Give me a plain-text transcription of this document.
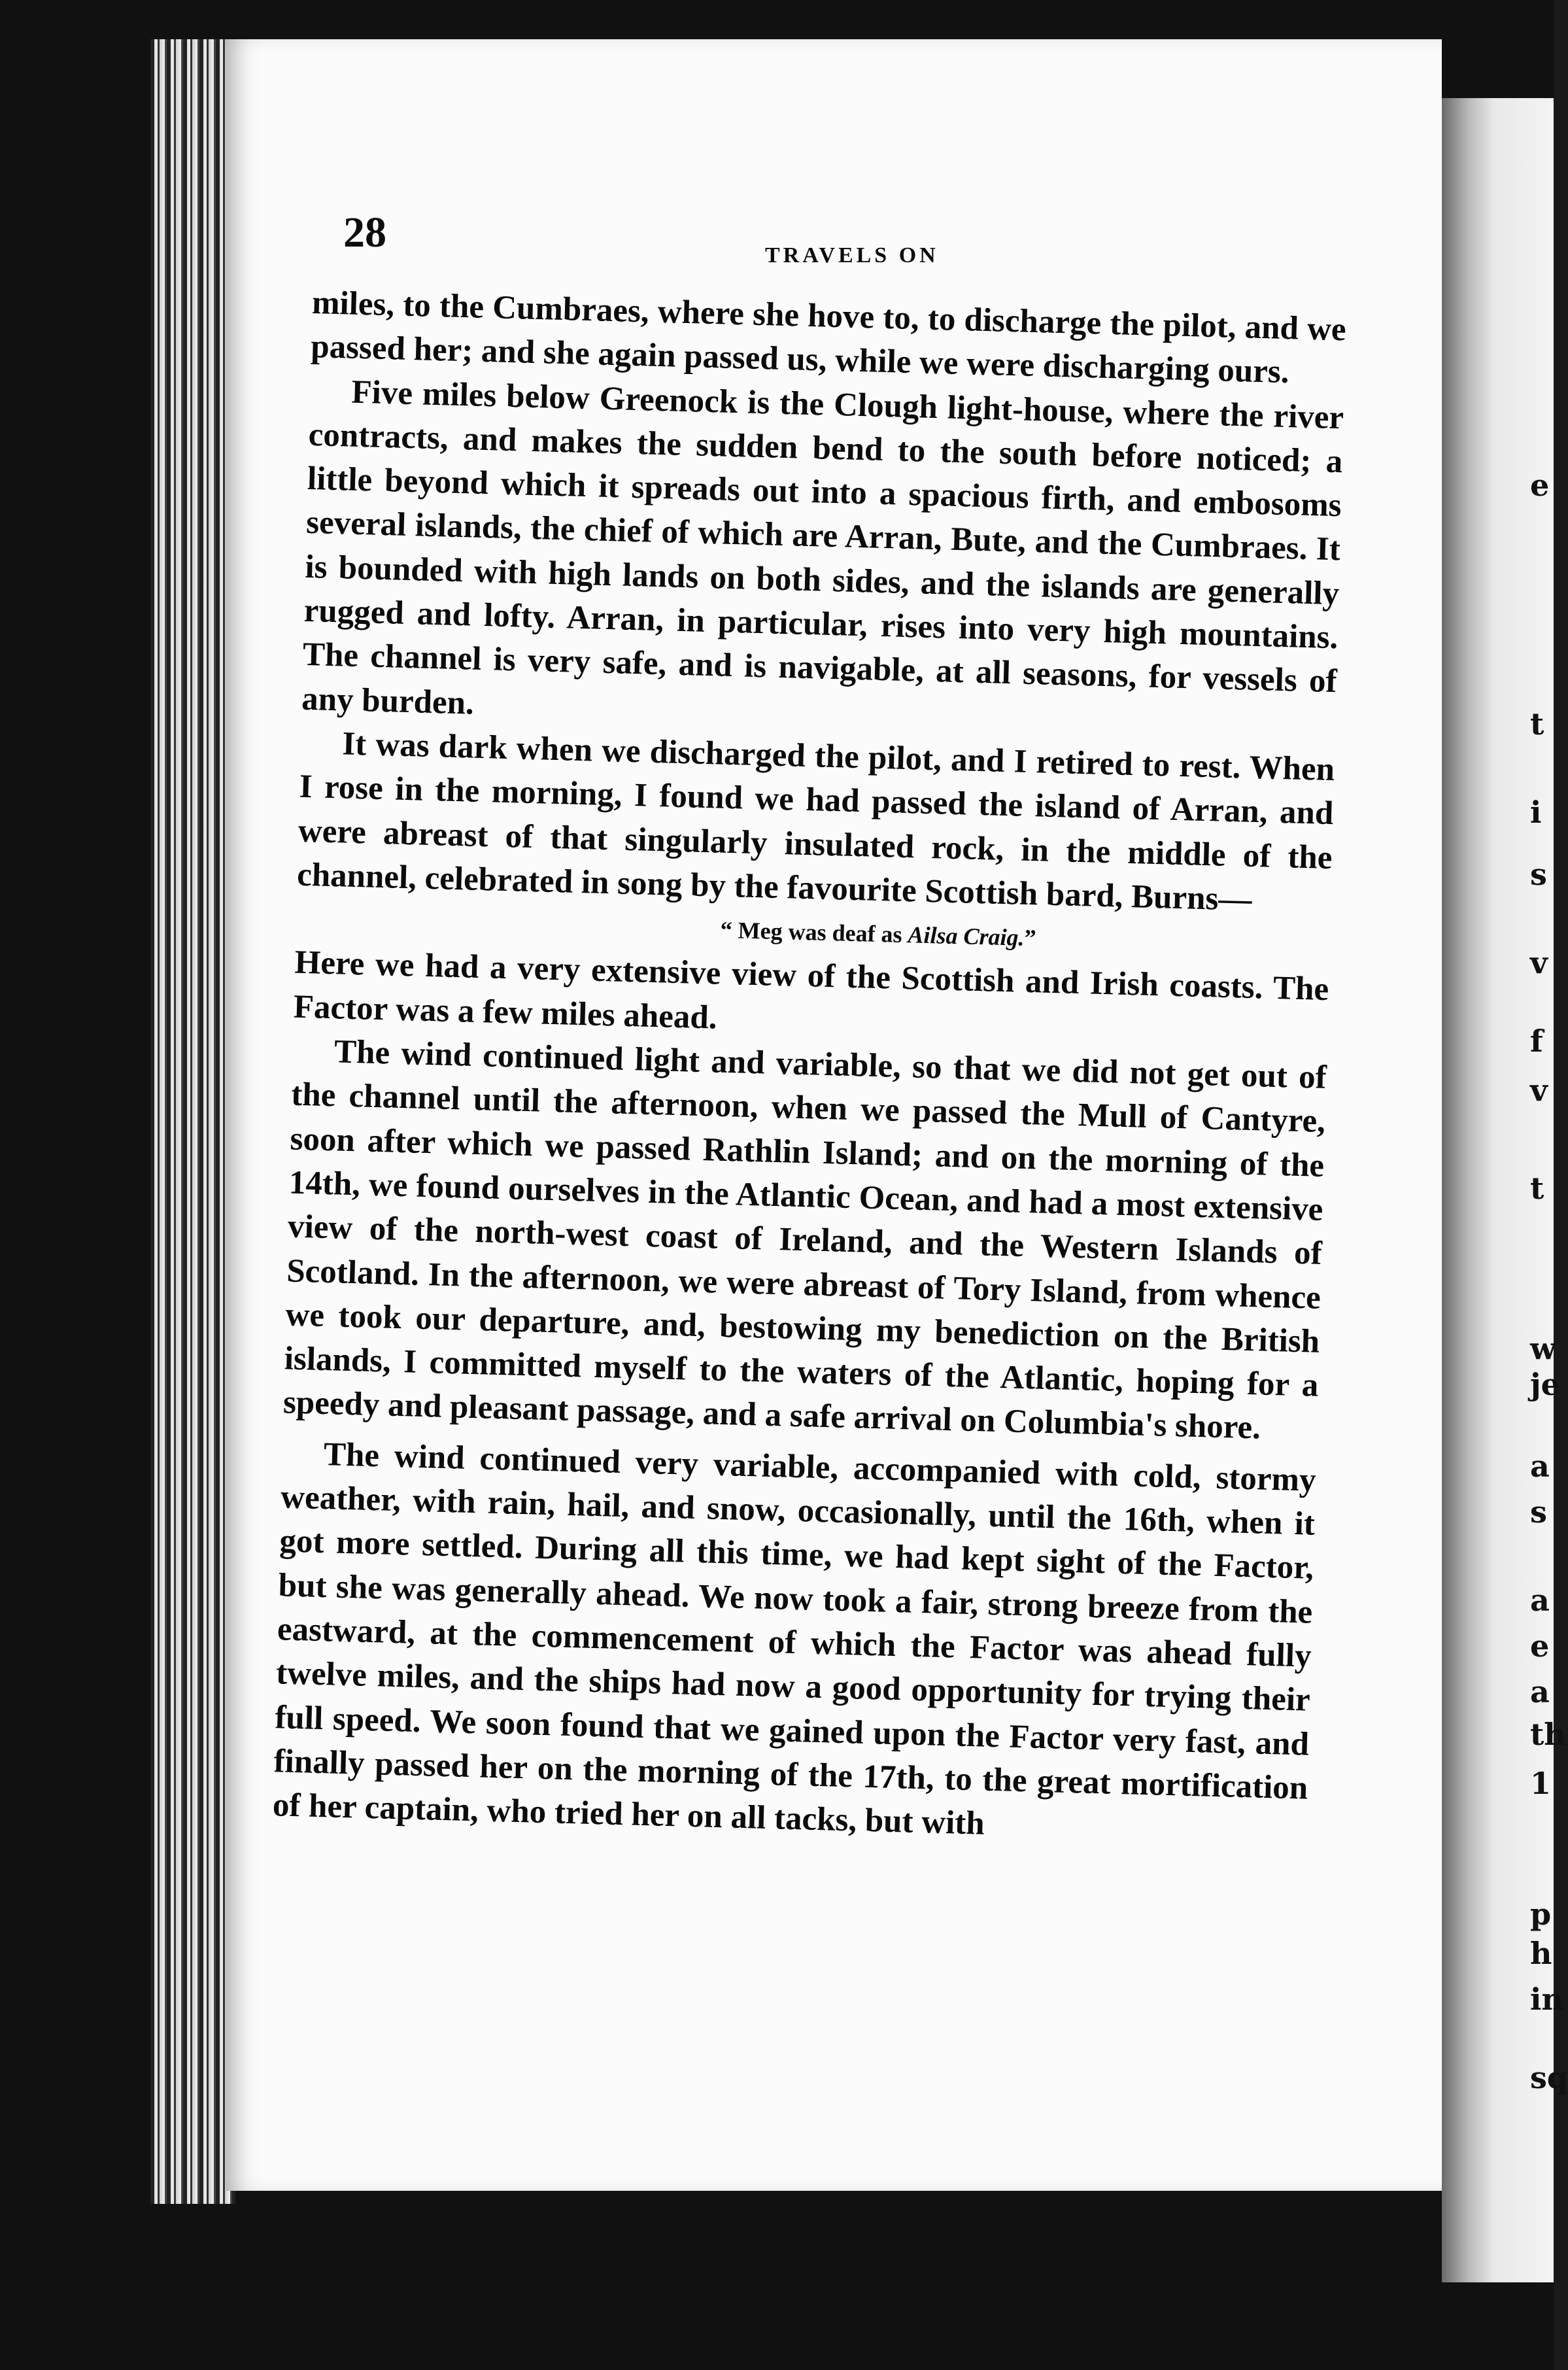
e
t
i
s
v
f
v
t
w
je
a
s
a
e
a
th
1
p
h
in
sq
28	TRAVELS ON

miles, to the Cumbraes, where she hove to, to discharge the pilot, and we passed her; and she again passed us, while we were discharging ours.

Five miles below Greenock is the Clough light-house, where the river contracts, and makes the sudden bend to the south before noticed; a little beyond which it spreads out into a spacious firth, and embosoms several islands, the chief of which are Arran, Bute, and the Cumbraes. It is bounded with high lands on both sides, and the islands are generally rugged and lofty. Arran, in particular, rises into very high mountains. The channel is very safe, and is navigable, at all seasons, for vessels of any burden.

It was dark when we discharged the pilot, and I retired to rest. When I rose in the morning, I found we had passed the island of Arran, and were abreast of that singularly insulated rock, in the middle of the channel, celebrated in song by the favourite Scottish bard, Burns—

“ Meg was deaf as Ailsa Craig.”

Here we had a very extensive view of the Scottish and Irish coasts. The Factor was a few miles ahead.

The wind continued light and variable, so that we did not get out of the channel until the afternoon, when we passed the Mull of Cantyre, soon after which we passed Rathlin Island; and on the morning of the 14th, we found ourselves in the Atlantic Ocean, and had a most extensive view of the north-west coast of Ireland, and the Western Islands of Scotland. In the afternoon, we were abreast of Tory Island, from whence we took our departure, and, bestowing my benediction on the British islands, I committed myself to the waters of the Atlantic, hoping for a speedy and pleasant passage, and a safe arrival on Columbia's shore.

The wind continued very variable, accompanied with cold, stormy weather, with rain, hail, and snow, occasionally, until the 16th, when it got more settled. During all this time, we had kept sight of the Factor, but she was generally ahead. We now took a fair, strong breeze from the eastward, at the commencement of which the Factor was ahead fully twelve miles, and the ships had now a good opportunity for trying their full speed. We soon found that we gained upon the Factor very fast, and finally passed her on the morning of the 17th, to the great mortification of her captain, who tried her on all tacks, but with
